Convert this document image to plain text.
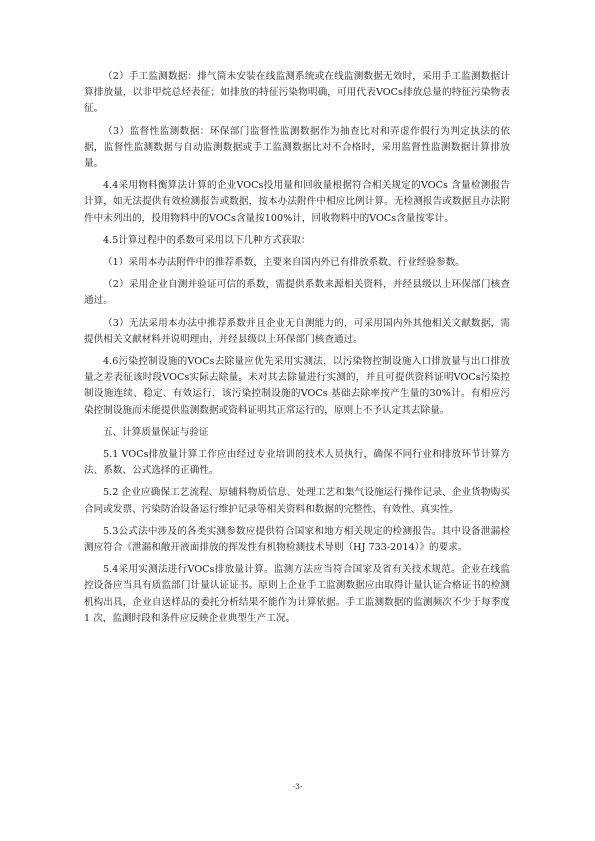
（2）手工监测数据：排气筒未安装在线监测系统或在线监测数据无效时，采用手工监测数据计算排放量，以非甲烷总烃表征；如排放的特征污染物明确，可用代表VOCs排放总量的特征污染物表征。

（3）监督性监测数据：环保部门监督性监测数据作为抽查比对和弄虚作假行为判定执法的依据，监督性监测数据与自动监测数据或手工监测数据比对不合格时，采用监督性监测数据计算排放量。

4.4采用物料衡算法计算的企业VOCs投用量和回收量根据符合相关规定的VOCs 含量检测报告计算，如无法提供有效检测报告或数据，按本办法附件中相应比例计算。无检测报告或数据且办法附件中未列出的，投用物料中的VOCs含量按100%计，回收物料中的VOCs含量按零计。

4.5计算过程中的系数可采用以下几种方式获取：

（1）采用本办法附件中的推荐系数，主要来自国内外已有排放系数、行业经验参数。

（2）采用企业自测并验证可信的系数，需提供系数来源相关资料，并经县级以上环保部门核查通过。

（3）无法采用本办法中推荐系数并且企业无自测能力的，可采用国内外其他相关文献数据，需提供相关文献材料并说明理由，并经县级以上环保部门核查通过。

4.6污染控制设施的VOCs去除量应优先采用实测法，以污染物控制设施入口排放量与出口排放量之差表征该时段VOCs实际去除量。未对其去除量进行实测的，并且可提供资料证明VOCs污染控制设施连续、稳定、有效运行，该污染控制设施的VOCs 基础去除率按产生量的30%计。有相应污染控制设施而未能提供监测数据或资料证明其正常运行的，原则上不予认定其去除量。

五、计算质量保证与验证

5.1 VOCs排放量计算工作应由经过专业培训的技术人员执行，确保不同行业和排放环节计算方法、系数、公式选择的正确性。

5.2 企业应确保工艺流程、原辅料物质信息、处理工艺和集气设施运行操作记录、企业货物购买合同或发票、污染防治设备运行维护记录等相关资料和数据的完整性、有效性、真实性。

5.3公式法中涉及的各类实测参数应提供符合国家和地方相关规定的检测报告。其中设备泄漏检测应符合《泄漏和敞开液面排放的挥发性有机物检测技术导则（HJ 733-2014）》的要求。

5.4采用实测法进行VOCs排放量计算。监测方法应当符合国家及省有关技术规范。企业在线监控设备应当具有质监部门计量认证证书。原则上企业手工监测数据应由取得计量认证合格证书的检测机构出具，企业自送样品的委托分析结果不能作为计算依据。手工监测数据的监测频次不少于每季度1 次，监测时段和条件应反映企业典型生产工况。

-3-
